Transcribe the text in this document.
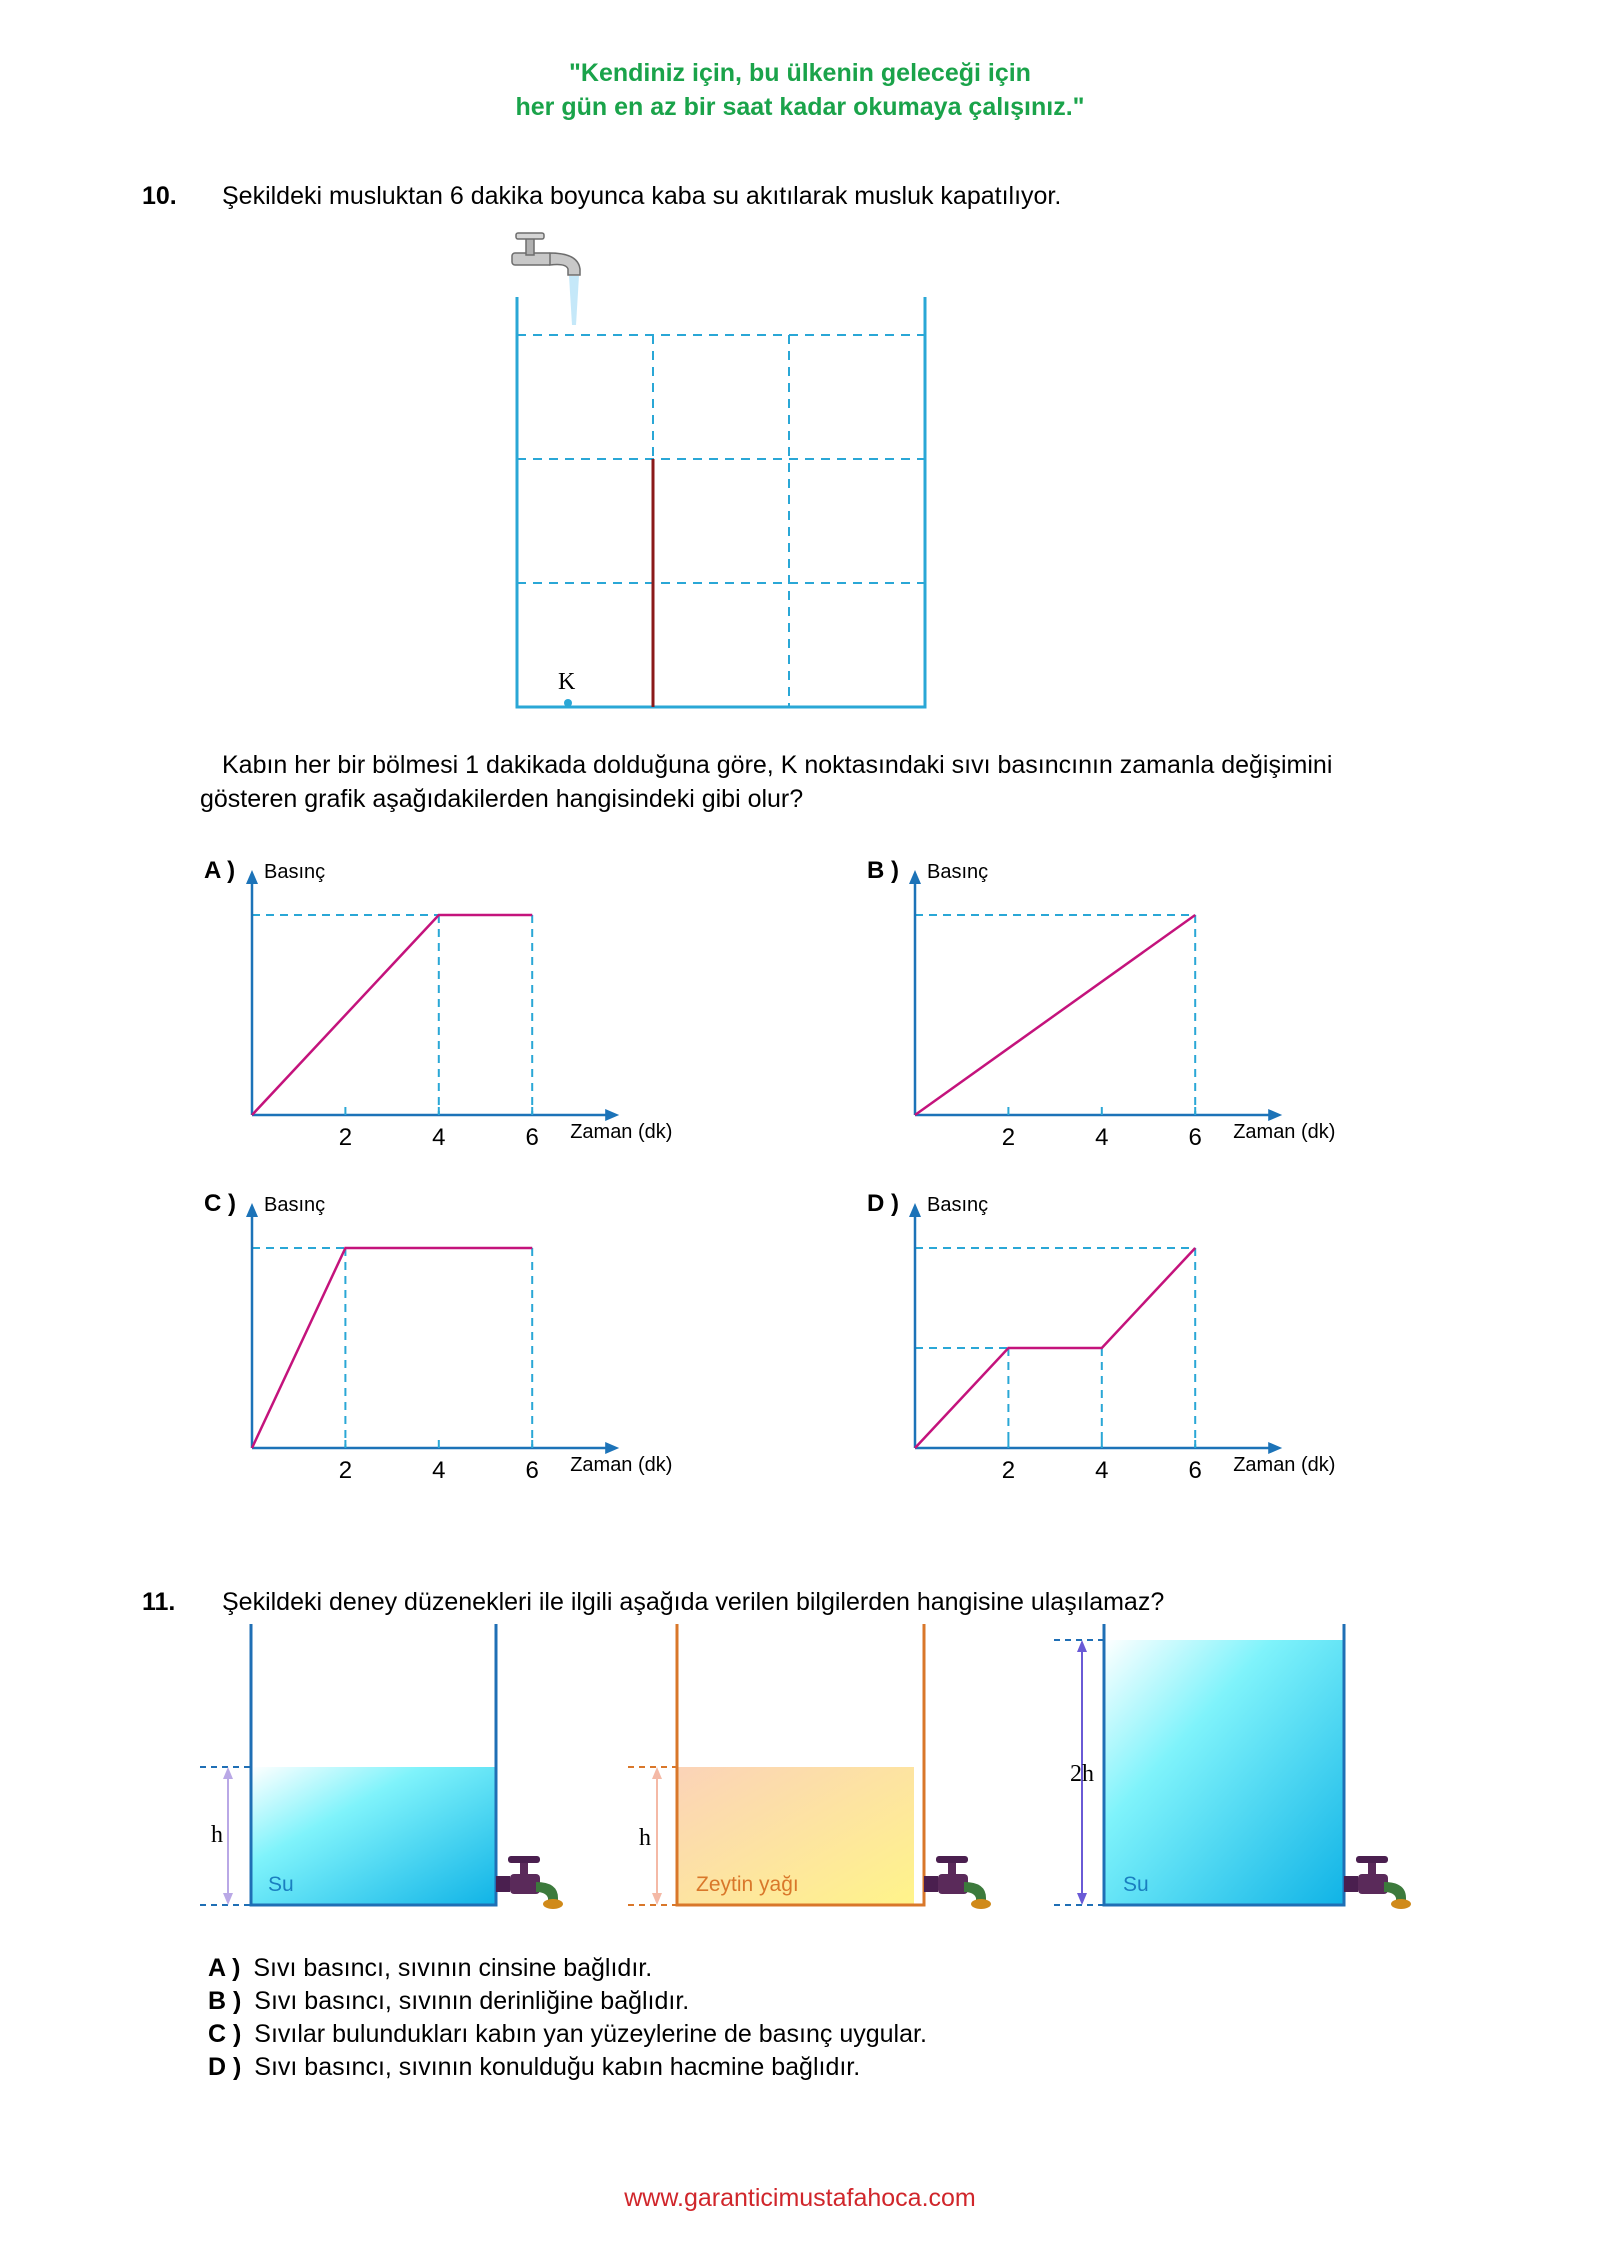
"Kendiniz için, bu ülkenin geleceği için
her gün en az bir saat kadar okumaya çalışınız."
10. Şekildeki musluktan 6 dakika boyunca kaba su akıtılarak musluk kapatılıyor.
K
Kabın her bir bölmesi 1 dakikada dolduğuna göre, K noktasındaki sıvı basıncının zamanla değişimini
gösteren grafik aşağıdakilerden hangisindeki gibi olur?
A ) Basınç
2	4	6 Zaman (dk)
B ) Basınç
2	4	6 Zaman (dk)
C ) Basınç
2	4	6 Zaman (dk)
D ) Basınç
2	4	6 Zaman (dk)
11. Şekildeki deney düzenekleri ile ilgili aşağıda verilen bilgilerden hangisine ulaşılamaz?
h
Su
h
Zeytin yağı
2h
Su
A ) Sıvı basıncı, sıvının cinsine bağlıdır.
B ) Sıvı basıncı, sıvının derinliğine bağlıdır.
C ) Sıvılar bulundukları kabın yan yüzeylerine de basınç uygular.
D ) Sıvı basıncı, sıvının konulduğu kabın hacmine bağlıdır.
www.garanticimustafahoca.com
